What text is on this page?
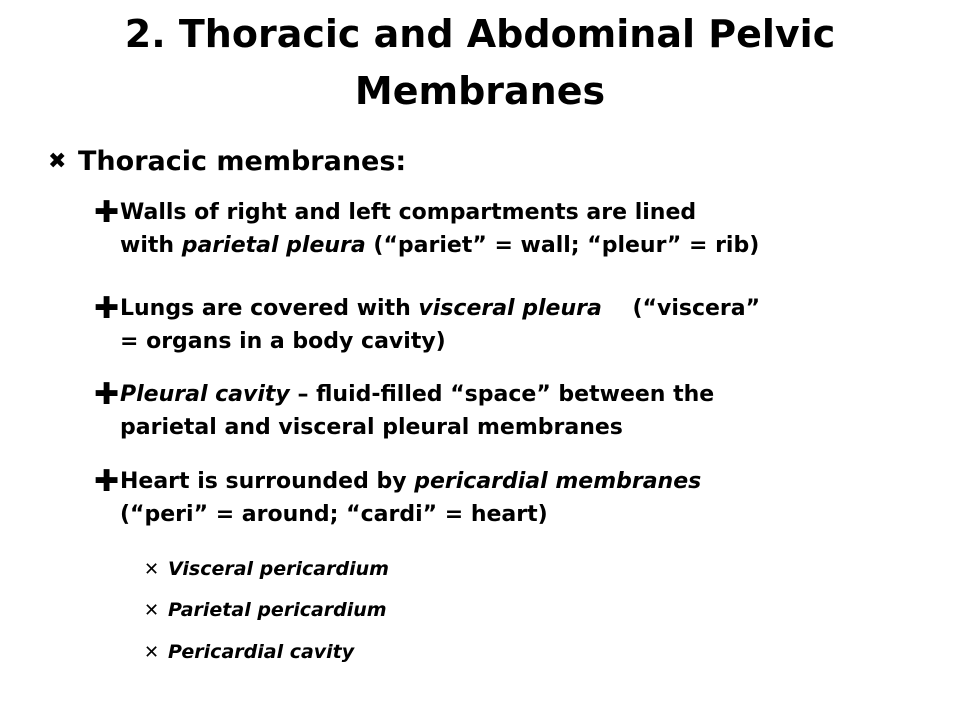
2. Thoracic and Abdominal Pelvic
Membranes
✖ Thoracic membranes:
✚ Walls of right and left compartments are lined
with parietal pleura (“pariet” = wall; “pleur” = rib)
✚ Lungs are covered with visceral pleura    (“viscera”
= organs in a body cavity)
✚ Pleural cavity – fluid-filled “space” between the
parietal and visceral pleural membranes
✚ Heart is surrounded by pericardial membranes
(“peri” = around; “cardi” = heart)
✕ Visceral pericardium
✕ Parietal pericardium
✕ Pericardial cavity
